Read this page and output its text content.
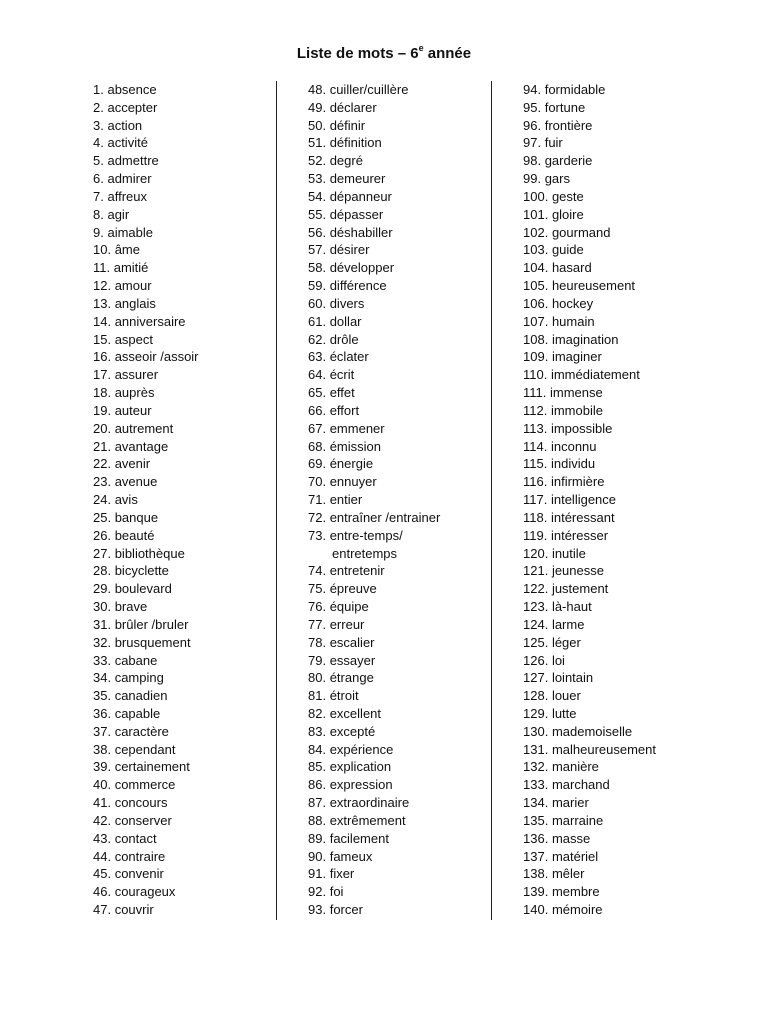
Liste de mots – 6e année
1. absence
2. accepter
3. action
4. activité
5. admettre
6. admirer
7. affreux
8. agir
9. aimable
10. âme
11. amitié
12. amour
13. anglais
14. anniversaire
15. aspect
16. asseoir /assoir
17. assurer
18. auprès
19. auteur
20. autrement
21. avantage
22. avenir
23. avenue
24. avis
25. banque
26. beauté
27. bibliothèque
28. bicyclette
29. boulevard
30. brave
31. brûler /bruler
32. brusquement
33. cabane
34. camping
35. canadien
36. capable
37. caractère
38. cependant
39. certainement
40. commerce
41. concours
42. conserver
43. contact
44. contraire
45. convenir
46. courageux
47. couvrir
48. cuiller/cuillère
49. déclarer
50. définir
51. définition
52. degré
53. demeurer
54. dépanneur
55. dépasser
56. déshabiller
57. désirer
58. développer
59. différence
60. divers
61. dollar
62. drôle
63. éclater
64. écrit
65. effet
66. effort
67. emmener
68. émission
69. énergie
70. ennuyer
71. entier
72. entraîner /entrainer
73. entre-temps/
entretemps
74. entretenir
75. épreuve
76. équipe
77. erreur
78. escalier
79. essayer
80. étrange
81. étroit
82. excellent
83. excepté
84. expérience
85. explication
86. expression
87. extraordinaire
88. extrêmement
89. facilement
90. fameux
91. fixer
92. foi
93. forcer
94. formidable
95. fortune
96. frontière
97. fuir
98. garderie
99. gars
100. geste
101. gloire
102. gourmand
103. guide
104. hasard
105. heureusement
106. hockey
107. humain
108. imagination
109. imaginer
110. immédiatement
111. immense
112. immobile
113. impossible
114. inconnu
115. individu
116. infirmière
117. intelligence
118. intéressant
119. intéresser
120. inutile
121. jeunesse
122. justement
123. là-haut
124. larme
125. léger
126. loi
127. lointain
128. louer
129. lutte
130. mademoiselle
131. malheureusement
132. manière
133. marchand
134. marier
135. marraine
136. masse
137. matériel
138. mêler
139. membre
140. mémoire
